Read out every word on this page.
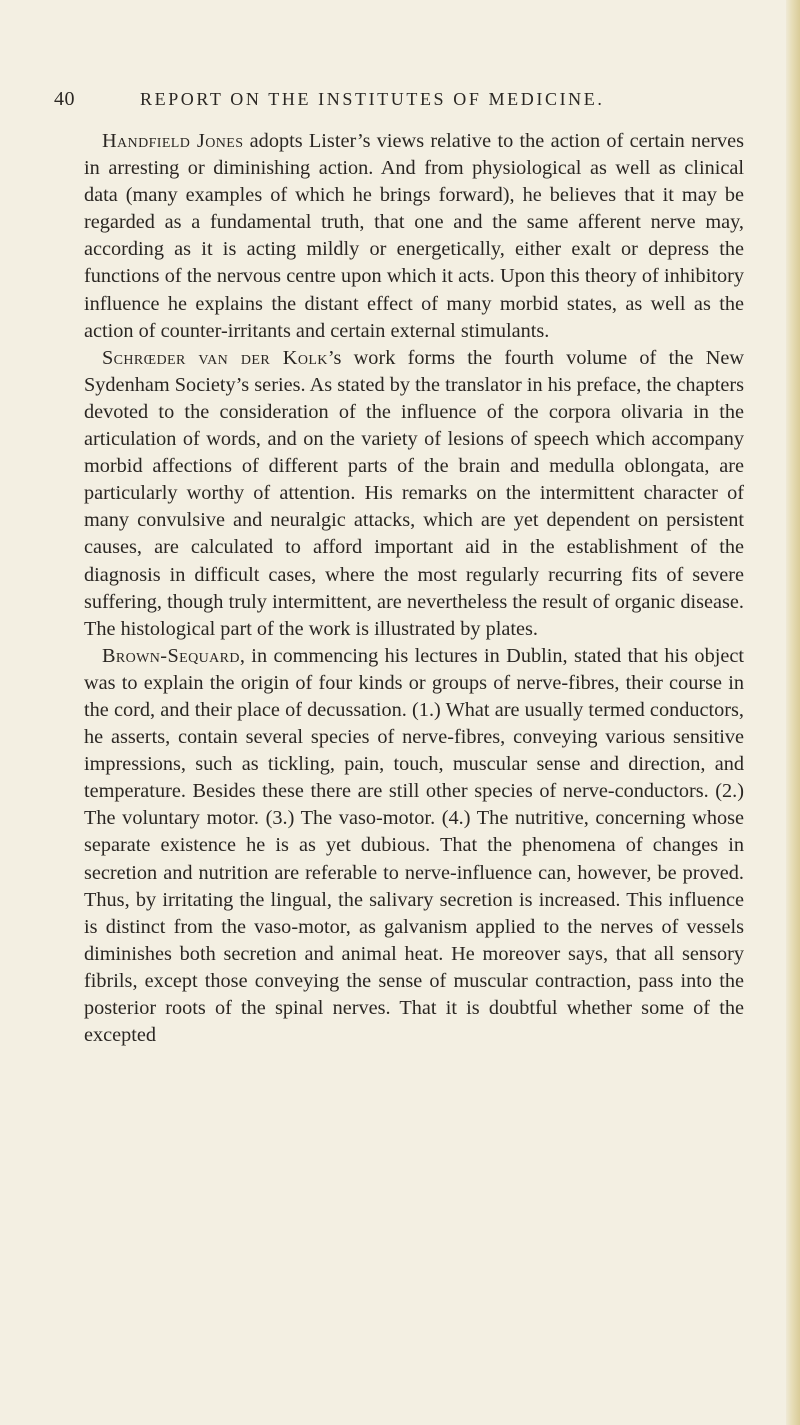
40	REPORT ON THE INSTITUTES OF MEDICINE.

Handfield Jones adopts Lister’s views relative to the action of certain nerves in arresting or diminishing action. And from physiological as well as clinical data (many examples of which he brings forward), he believes that it may be regarded as a fundamental truth, that one and the same afferent nerve may, according as it is acting mildly or energetically, either exalt or depress the functions of the nervous centre upon which it acts. Upon this theory of inhibitory influence he explains the distant effect of many morbid states, as well as the action of counter-irritants and certain external stimulants.

Schrœder van der Kolk’s work forms the fourth volume of the New Sydenham Society’s series. As stated by the translator in his preface, the chapters devoted to the consideration of the influence of the corpora olivaria in the articulation of words, and on the variety of lesions of speech which accompany morbid affections of different parts of the brain and medulla oblongata, are particularly worthy of attention. His remarks on the intermittent character of many convulsive and neuralgic attacks, which are yet dependent on persistent causes, are calculated to afford important aid in the establishment of the diagnosis in difficult cases, where the most regularly recurring fits of severe suffering, though truly intermittent, are nevertheless the result of organic disease. The histological part of the work is illustrated by plates.

Brown-Sequard, in commencing his lectures in Dublin, stated that his object was to explain the origin of four kinds or groups of nerve-fibres, their course in the cord, and their place of decussation. (1.) What are usually termed conductors, he asserts, contain several species of nerve-fibres, conveying various sensitive impressions, such as tickling, pain, touch, muscular sense and direction, and temperature. Besides these there are still other species of nerve-conductors. (2.) The voluntary motor. (3.) The vaso-motor. (4.) The nutritive, concerning whose separate existence he is as yet dubious. That the phenomena of changes in secretion and nutrition are referable to nerve-influence can, however, be proved. Thus, by irritating the lingual, the salivary secretion is increased. This influence is distinct from the vaso-motor, as galvanism applied to the nerves of vessels diminishes both secretion and animal heat. He moreover says, that all sensory fibrils, except those conveying the sense of muscular contraction, pass into the posterior roots of the spinal nerves. That it is doubtful whether some of the excepted
